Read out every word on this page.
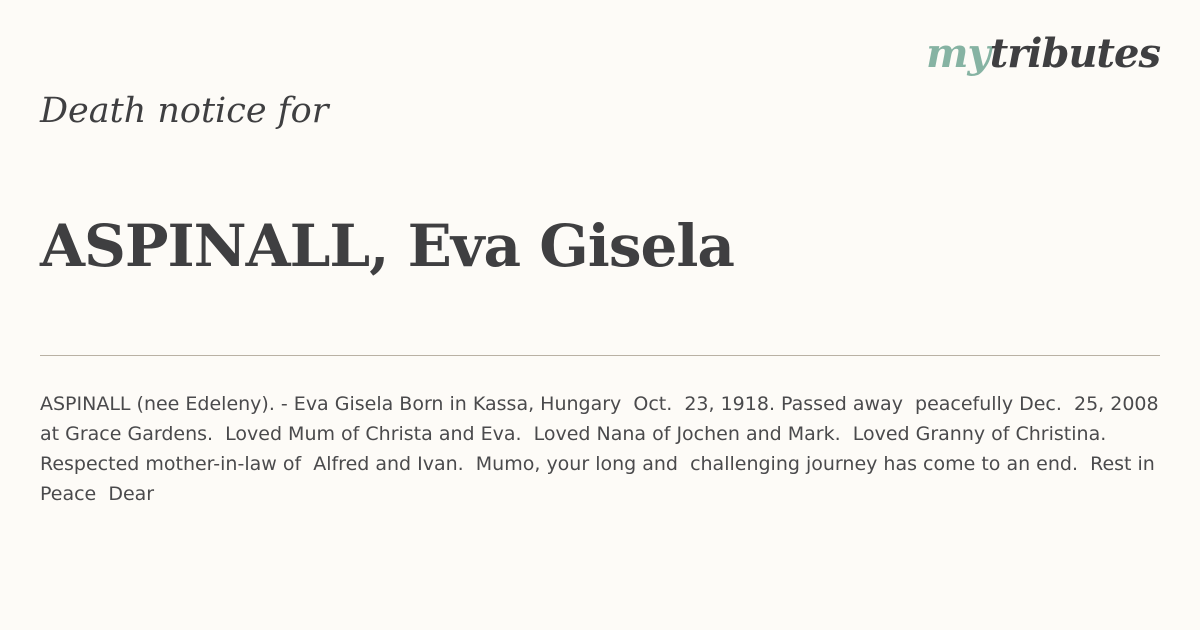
mytributes
Death notice for
ASPINALL, Eva Gisela
ASPINALL (nee Edeleny). - Eva Gisela Born in Kassa, Hungary  Oct.  23, 1918. Passed away  peacefully Dec.  25, 2008  at Grace Gardens.  Loved Mum of Christa and Eva.  Loved Nana of Jochen and Mark.  Loved Granny of Christina.  Respected mother-in-law of  Alfred and Ivan.  Mumo, your long and  challenging journey has come to an end.  Rest in Peace  Dear
